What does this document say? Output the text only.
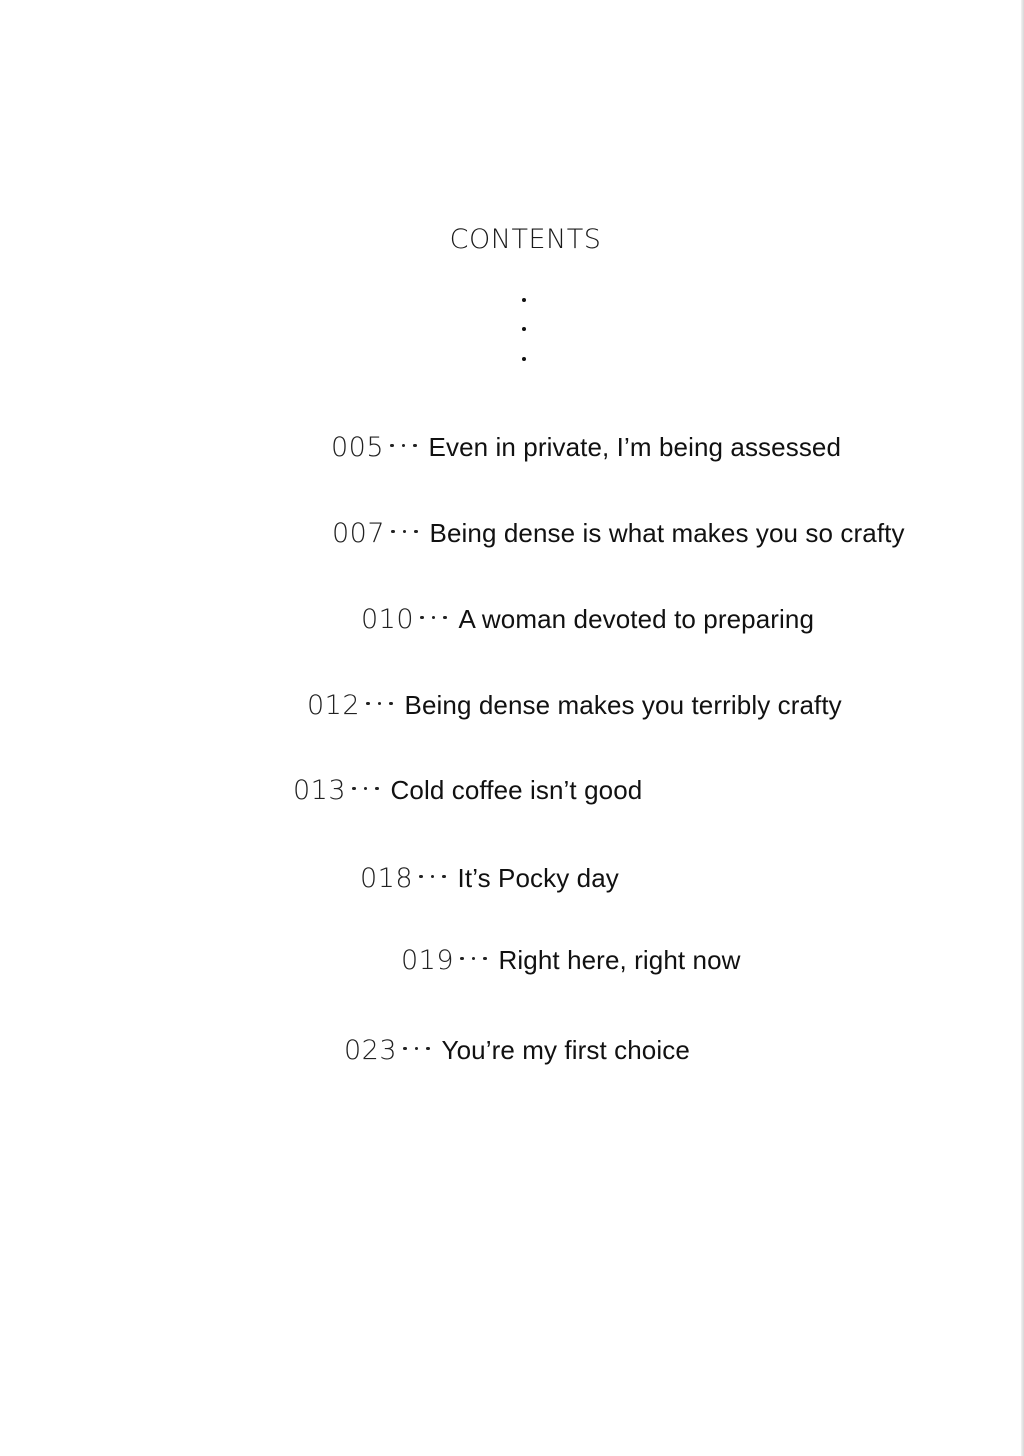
CONTENTS
005 Even in private, I’m being assessed
007 Being dense is what makes you so crafty
010 A woman devoted to preparing
012 Being dense makes you terribly crafty
013 Cold coffee isn’t good
018 It’s Pocky day
019 Right here, right now
023 You’re my first choice
